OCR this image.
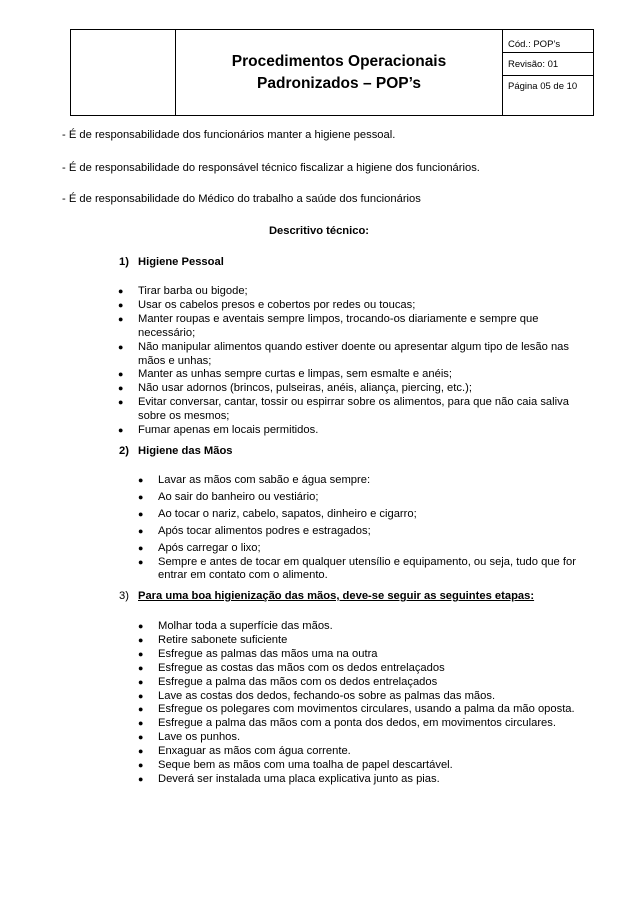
Procedimentos Operacionais
Padronizados – POP’s
	Cód.: POP’s
Revisão: 01
Página 05 de 10

- É de responsabilidade dos funcionários manter a higiene pessoal.

- É de responsabilidade do responsável técnico fiscalizar a higiene dos funcionários.

- É de responsabilidade do Médico do trabalho a saúde dos funcionários

Descritivo técnico:

1) Higiene Pessoal

● Tirar barba ou bigode;
● Usar os cabelos presos e cobertos por redes ou toucas;
● Manter roupas e aventais sempre limpos, trocando-os diariamente e sempre que necessário;
● Não manipular alimentos quando estiver doente ou apresentar algum tipo de lesão nas mãos e unhas;
● Manter as unhas sempre curtas e limpas, sem esmalte e anéis;
● Não usar adornos (brincos, pulseiras, anéis, aliança, piercing, etc.);
● Evitar conversar, cantar, tossir ou espirrar sobre os alimentos, para que não caia saliva sobre os mesmos;
● Fumar apenas em locais permitidos.

2) Higiene das Mãos

● Lavar as mãos com sabão e água sempre:
● Ao sair do banheiro ou vestiário;
● Ao tocar o nariz, cabelo, sapatos, dinheiro e cigarro;
● Após tocar alimentos podres e estragados;
● Após carregar o lixo;
● Sempre e antes de tocar em qualquer utensílio e equipamento, ou seja, tudo que for entrar em contato com o alimento.

3) Para uma boa higienização das mãos, deve-se seguir as seguintes etapas:

● Molhar toda a superfície das mãos.
● Retire sabonete suficiente
● Esfregue as palmas das mãos uma na outra
● Esfregue as costas das mãos com os dedos entrelaçados
● Esfregue a palma das mãos com os dedos entrelaçados
● Lave as costas dos dedos, fechando-os sobre as palmas das mãos.
● Esfregue os polegares com movimentos circulares, usando a palma da mão oposta.
● Esfregue a palma das mãos com a ponta dos dedos, em movimentos circulares.
● Lave os punhos.
● Enxaguar as mãos com água corrente.
● Seque bem as mãos com uma toalha de papel descartável.
● Deverá ser instalada uma placa explicativa junto as pias.
